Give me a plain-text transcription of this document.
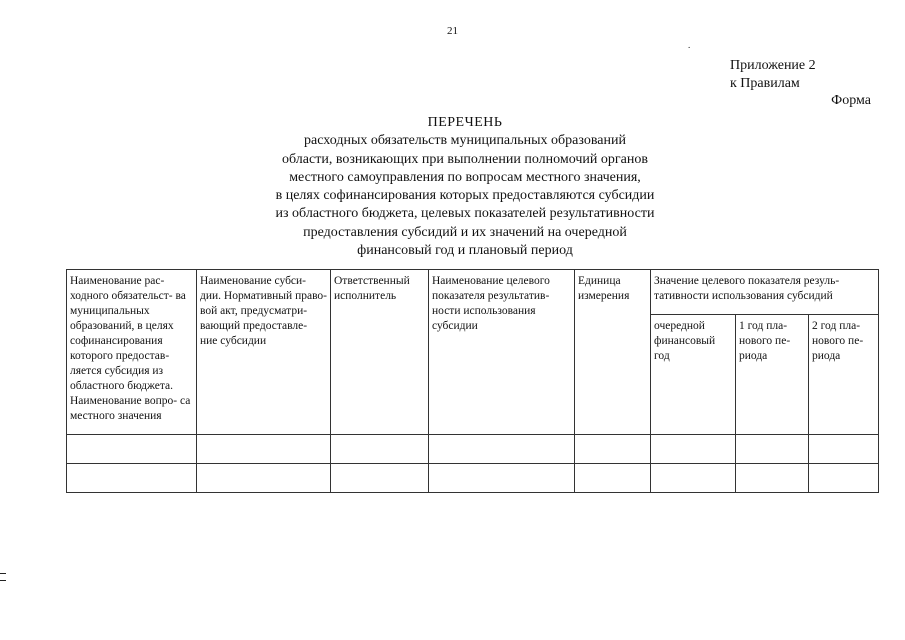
21
.
Приложение 2
к Правилам
Форма
ПЕРЕЧЕНЬ
расходных обязательств муниципальных образований
области, возникающих при выполнении полномочий органов
местного самоуправления по вопросам местного значения,
в целях софинансирования которых предоставляются субсидии
из областного бюджета, целевых показателей результативности
предоставления субсидий и их значений на очередной
финансовый год и плановый период
Наименование рас- ходного обязательст- ва муниципальных образований, в целях софинансирования которого предостав- ляется субсидия из областного бюджета. Наименование вопро- са местного значения	Наименование субси- дии. Нормативный право- вой акт, предусматри- вающий предоставле- ние субсидии	Ответственный исполнитель	Наименование целевого показателя результатив- ности использования субсидии	Единица измерения	Значение целевого показателя резуль- тативности использования субсидий		
					очередной финансовый год	1 год пла- нового пе- риода	2 год пла- нового пе- риода
